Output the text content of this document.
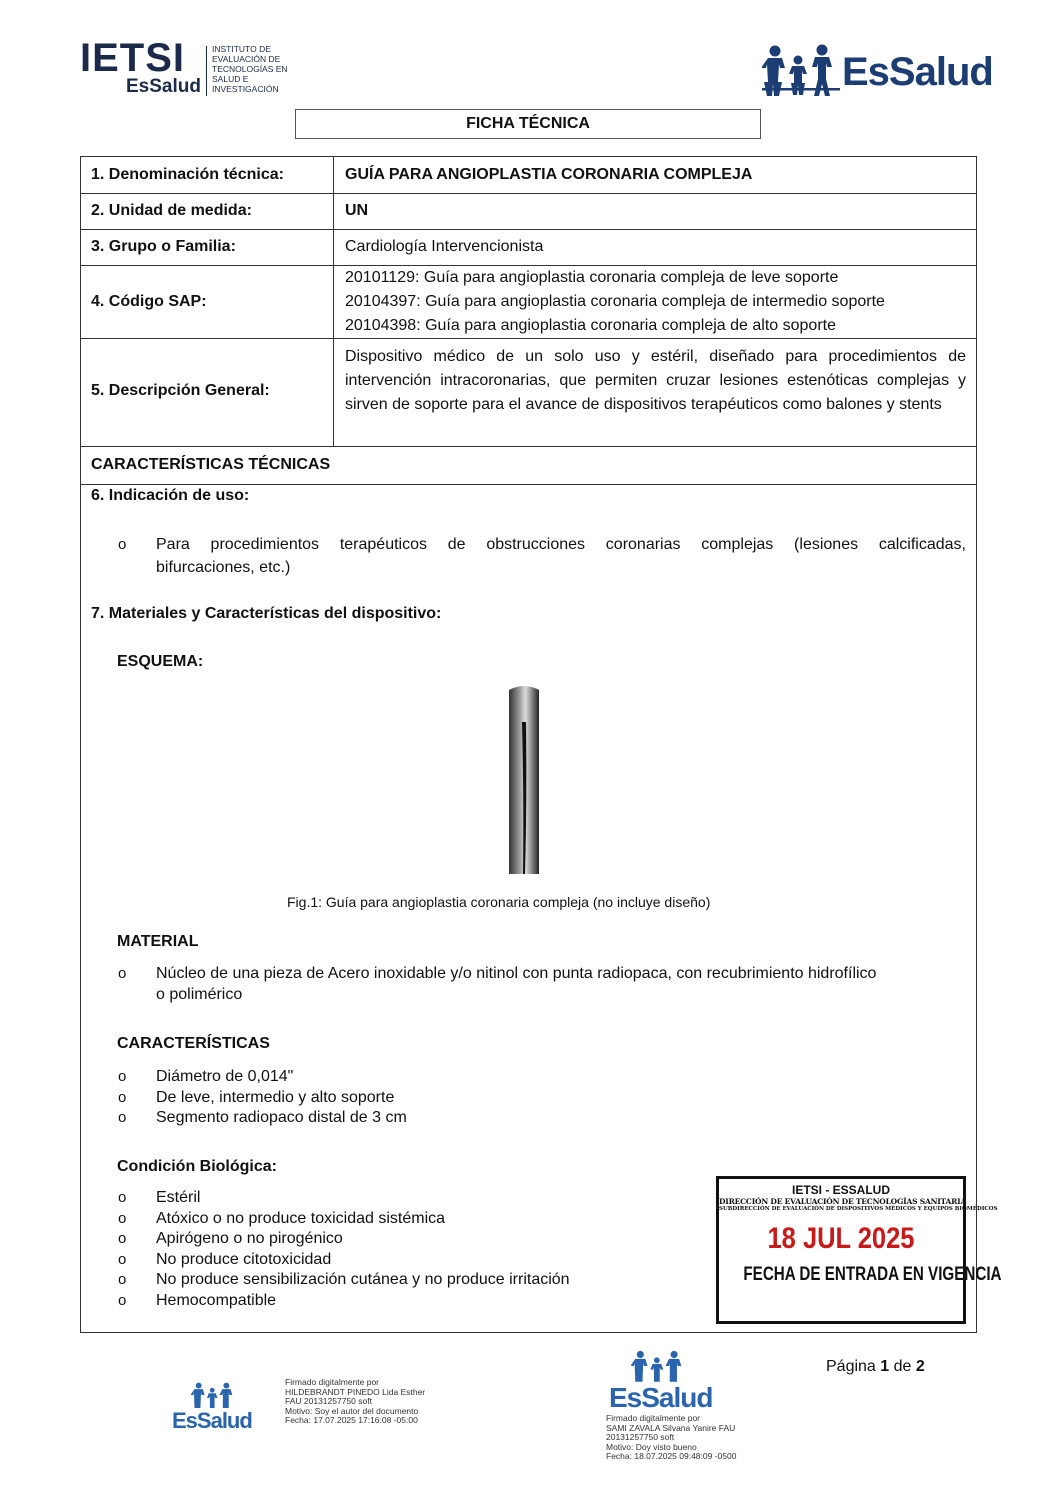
IETSI
EsSalud
INSTITUTO DE
EVALUACIÓN DE
TECNOLOGÍAS EN
SALUD E
INVESTIGACIÓN	EsSalud
FICHA TÉCNICA
1. Denominación técnica:	GUÍA PARA ANGIOPLASTIA CORONARIA COMPLEJA
2. Unidad de medida:	UN
3. Grupo o Familia:	Cardiología Intervencionista
4. Código SAP:
20101129: Guía para angioplastia coronaria compleja de leve soporte
20104397: Guía para angioplastia coronaria compleja de intermedio soporte
20104398: Guía para angioplastia coronaria compleja de alto soporte
5. Descripción General:
Dispositivo médico de un solo uso y estéril, diseñado para procedimientos de intervención intracoronarias, que permiten cruzar lesiones estenóticas complejas y sirven de soporte para el avance de dispositivos terapéuticos como balones y stents
CARACTERÍSTICAS TÉCNICAS
6. Indicación de uso:
o Para procedimientos terapéuticos de obstrucciones coronarias complejas (lesiones calcificadas,
bifurcaciones, etc.)
7. Materiales y Características del dispositivo:
ESQUEMA:
Fig.1: Guía para angioplastia coronaria compleja (no incluye diseño)
MATERIAL
o Núcleo de una pieza de Acero inoxidable y/o nitinol con punta radiopaca, con recubrimiento hidrofílico
o polimérico
CARACTERÍSTICAS
o Diámetro de 0,014"
o De leve, intermedio y alto soporte
o Segmento radiopaco distal de 3 cm
Condición Biológica:
o Estéril
o Atóxico o no produce toxicidad sistémica
o Apirógeno o no pirogénico
o No produce citotoxicidad
o No produce sensibilización cutánea y no produce irritación
o Hemocompatible
IETSI - ESSALUD
DIRECCIÓN DE EVALUACIÓN DE TECNOLOGÍAS SANITARIA
SUBDIRECCIÓN DE EVALUACIÓN DE DISPOSITIVOS MÉDICOS Y EQUIPOS BIOMÉDICOS
18 JUL 2025
FECHA DE ENTRADA EN VIGENCIA
EsSalud
Firmado digitalmente por
HILDEBRANDT PINEDO Lida Esther
FAU 20131257750 soft
Motivo: Soy el autor del documento
Fecha: 17.07.2025 17:16:08 -05:00
EsSalud
Firmado digitalmente por
SAMI ZAVALA Silvana Yanire FAU
20131257750 soft
Motivo: Doy visto bueno
Fecha: 18.07.2025 09:48:09 -0500
Página 1 de 2
